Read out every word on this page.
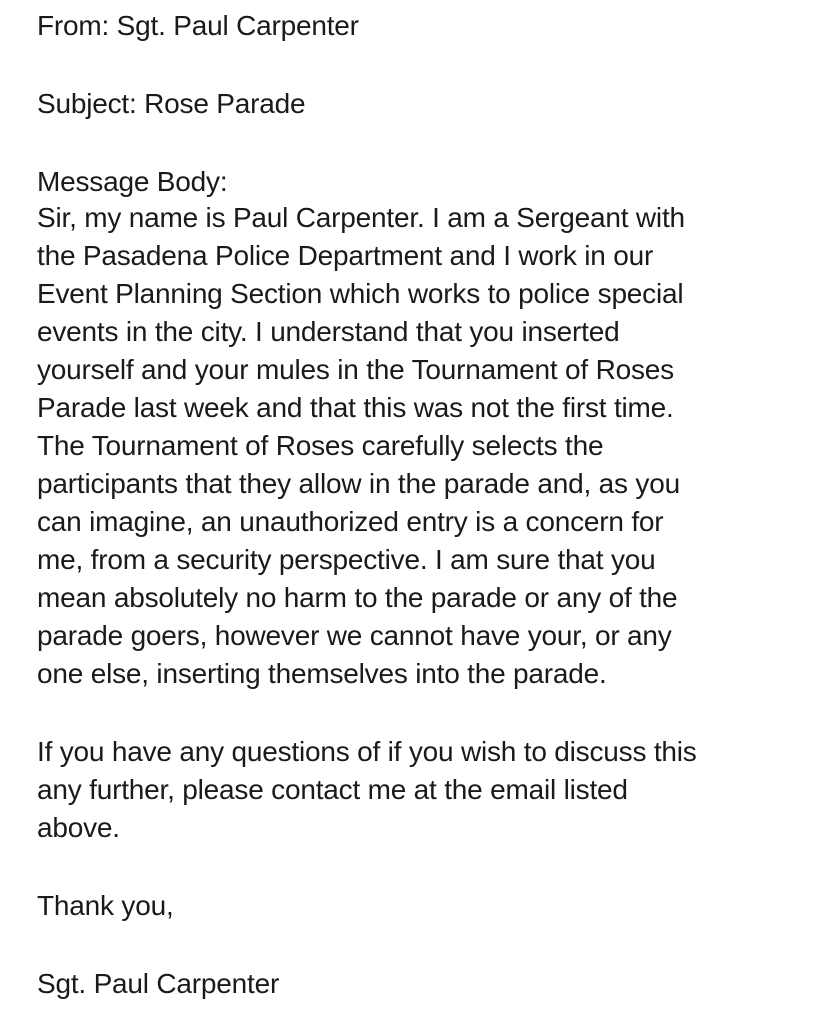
From: Sgt. Paul Carpenter
Subject: Rose Parade
Message Body:
Sir, my name is Paul Carpenter. I am a Sergeant with
the Pasadena Police Department and I work in our
Event Planning Section which works to police special
events in the city. I understand that you inserted
yourself and your mules in the Tournament of Roses
Parade last week and that this was not the first time.
The Tournament of Roses carefully selects the
participants that they allow in the parade and, as you
can imagine, an unauthorized entry is a concern for
me, from a security perspective. I am sure that you
mean absolutely no harm to the parade or any of the
parade goers, however we cannot have your, or any
one else, inserting themselves into the parade.
If you have any questions of if you wish to discuss this
any further, please contact me at the email listed
above.
Thank you,
Sgt. Paul Carpenter
